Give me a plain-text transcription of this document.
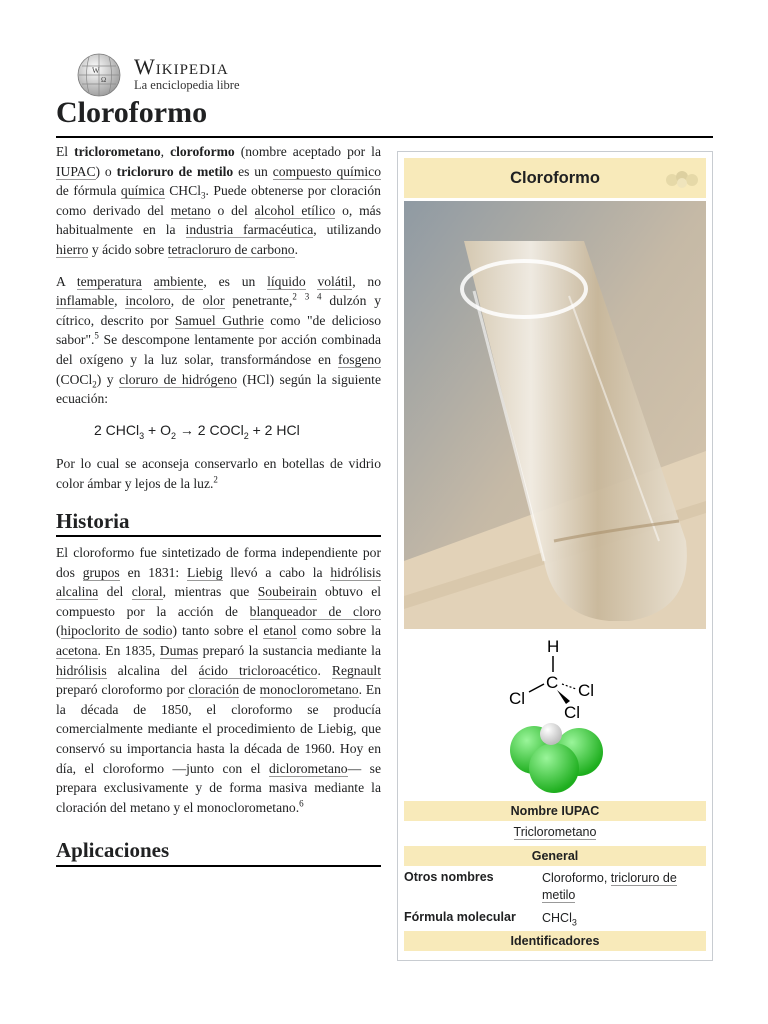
W
Ω
Wikipedia
La enciclopedia libre
Cloroformo

El triclorometano, cloroformo (nombre aceptado por la IUPAC) o tricloruro de metilo es un compuesto químico de fórmula química CHCl$_3$. Puede obtenerse por cloración como derivado del metano o del alcohol etílico o, más habitualmente en la industria farmacéutica, utilizando hierro y ácido sobre tetracloruro de carbono.

A temperatura ambiente, es un líquido volátil, no inflamable, incoloro, de olor penetrante,$^2$ $^3$ $^4$ dulzón y cítrico, descrito por Samuel Guthrie como "de delicioso sabor".$^5$ Se descompone lentamente por acción combinada del oxígeno y la luz solar, transformándose en fosgeno (COCl$_2$) y cloruro de hidrógeno (HCl) según la siguiente ecuación:

2 CHCl$_3$ + $O_2 \to 2$ COCl$_2$ + 2 HCl

Por lo cual se aconseja conservarlo en botellas de vidrio color ámbar y lejos de la luz.$^2$

Historia

El cloroformo fue sintetizado de forma independiente por dos grupos en 1831: Liebig llevó a cabo la hidrólisis alcalina del cloral, mientras que Soubeirain obtuvo el compuesto por la acción de blanqueador de cloro (hipoclorito de sodio) tanto sobre el etanol como sobre la acetona. En 1835, Dumas preparó la sustancia mediante la hidrólisis alcalina del ácido tricloroacético. Regnault preparó cloroformo por cloración de monoclorometano. En la década de 1850, el cloroformo se producía comercialmente mediante el procedimiento de Liebig, que conservó su importancia hasta la década de 1960. Hoy en día, el cloroformo —junto con el diclorometano— se prepara exclusivamente y de forma masiva mediante la cloración del metano y el monoclorometano.$^6$

Aplicaciones
Cloroformo
H
C
Cl	Cl
Cl
Nombre IUPAC
Triclorometano
General
Otros nombres	Cloroformo, tricloruro de metilo
Fórmula molecular CHCl$_3$
Identificadores
